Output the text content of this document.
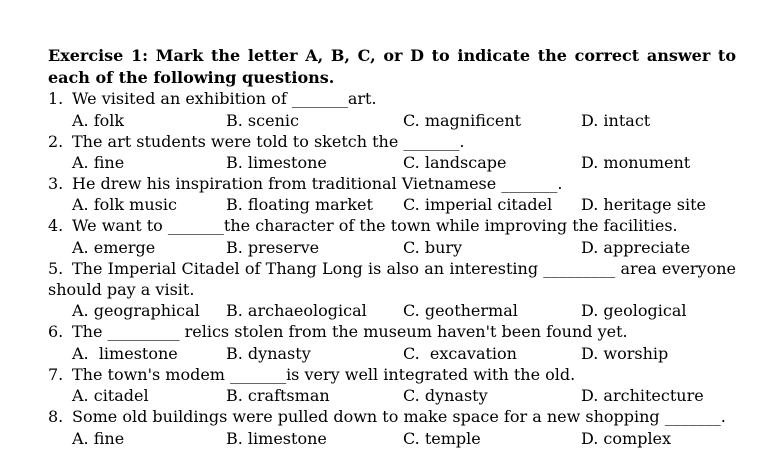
Exercise 1: Mark the letter A, B, C, or D to indicate the correct answer to each of the following questions.

1. We visited an exhibition of _______art.
A. folk	B. scenic	C. magnificent	D. intact
2. The art students were told to sketch the _______.
A. fine	B. limestone	C. landscape	D. monument
3. He drew his inspiration from traditional Vietnamese _______.
A. folk music	B. floating market C. imperial citadel D. heritage site
4. We want to _______the character of the town while improving the facilities.
A. emerge	B. preserve	C. bury	D. appreciate
5. The Imperial Citadel of Thang Long is also an interesting _________ area everyone should pay a visit.
A. geographical B. archaeological C. geothermal	D. geological
6. The _________ relics stolen from the museum haven't been found yet.
A.  limestone	B. dynasty	C.  excavation	D. worship
7. The town's modem _______is very well integrated with the old.
A. citadel	B. craftsman	C. dynasty	D. architecture
8. Some old buildings were pulled down to make space for a new shopping _______.
A. fine	B. limestone	C. temple	D. complex
